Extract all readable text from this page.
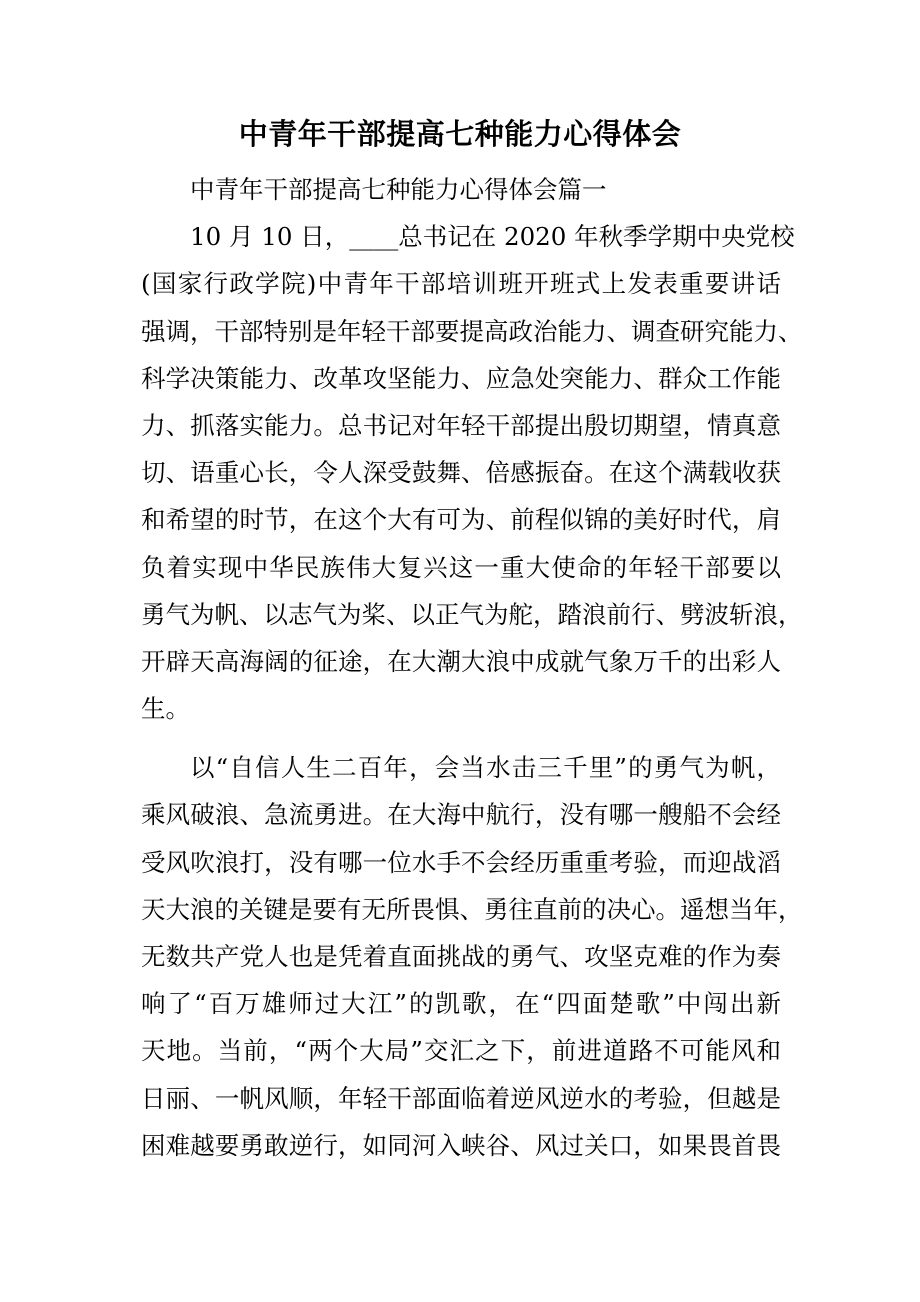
中青年干部提高七种能力心得体会
中青年干部提高七种能力心得体会篇一
10 月 10 日，____总书记在 2020 年秋季学期中央党校
(国家行政学院)中青年干部培训班开班式上发表重要讲话
强调，干部特别是年轻干部要提高政治能力、调查研究能力、
科学决策能力、改革攻坚能力、应急处突能力、群众工作能
力、抓落实能力。总书记对年轻干部提出殷切期望，情真意
切、语重心长，令人深受鼓舞、倍感振奋。在这个满载收获
和希望的时节，在这个大有可为、前程似锦的美好时代，肩
负着实现中华民族伟大复兴这一重大使命的年轻干部要以
勇气为帆、以志气为桨、以正气为舵，踏浪前行、劈波斩浪，
开辟天高海阔的征途，在大潮大浪中成就气象万千的出彩人
生。
以“自信人生二百年，会当水击三千里”的勇气为帆，
乘风破浪、急流勇进。在大海中航行，没有哪一艘船不会经
受风吹浪打，没有哪一位水手不会经历重重考验，而迎战滔
天大浪的关键是要有无所畏惧、勇往直前的决心。遥想当年，
无数共产党人也是凭着直面挑战的勇气、攻坚克难的作为奏
响了“百万雄师过大江”的凯歌，在“四面楚歌”中闯出新
天地。当前，“两个大局”交汇之下，前进道路不可能风和
日丽、一帆风顺，年轻干部面临着逆风逆水的考验，但越是
困难越要勇敢逆行，如同河入峡谷、风过关口，如果畏首畏
